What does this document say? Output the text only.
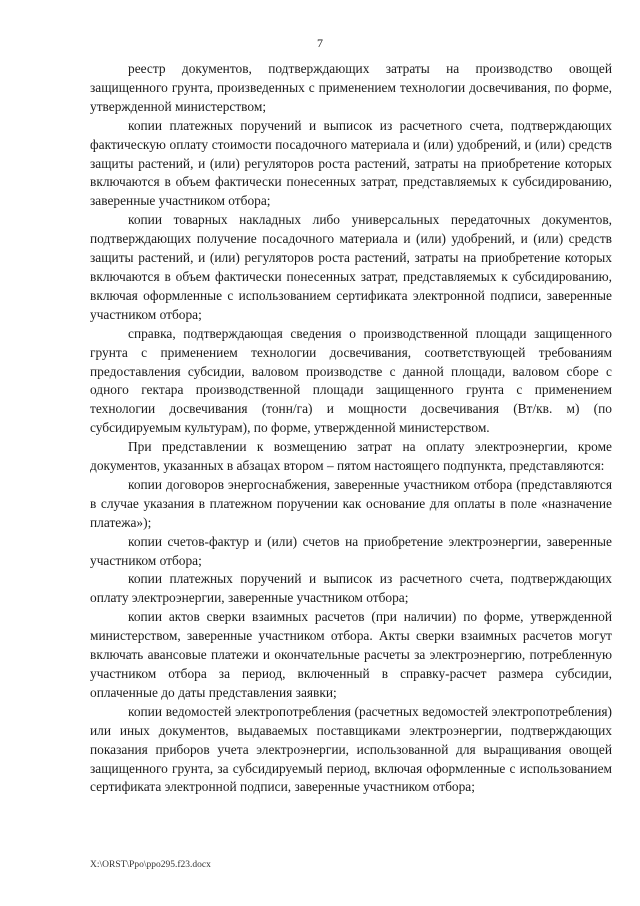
7

реестр документов, подтверждающих затраты на производство овощей защищенного грунта, произведенных с применением технологии досвечивания, по форме, утвержденной министерством;

копии платежных поручений и выписок из расчетного счета, подтверждающих фактическую оплату стоимости посадочного материала и (или) удобрений, и (или) средств защиты растений, и (или) регуляторов роста растений, затраты на приобретение которых включаются в объем фактически понесенных затрат, представляемых к субсидированию, заверенные участником отбора;

копии товарных накладных либо универсальных передаточных документов, подтверждающих получение посадочного материала и (или) удобрений, и (или) средств защиты растений, и (или) регуляторов роста растений, затраты на приобретение которых включаются в объем фактически понесенных затрат, представляемых к субсидированию, включая оформленные с использованием сертификата электронной подписи, заверенные участником отбора;

справка, подтверждающая сведения о производственной площади защищенного грунта с применением технологии досвечивания, соответствующей требованиям предоставления субсидии, валовом производстве с данной площади, валовом сборе с одного гектара производственной площади защищенного грунта с применением технологии досвечивания (тонн/га) и мощности досвечивания (Вт/кв. м) (по субсидируемым культурам), по форме, утвержденной министерством.

При представлении к возмещению затрат на оплату электроэнергии, кроме документов, указанных в абзацах втором – пятом настоящего подпункта, представляются:

копии договоров энергоснабжения, заверенные участником отбора (представляются в случае указания в платежном поручении как основание для оплаты в поле «назначение платежа»);

копии счетов-фактур и (или) счетов на приобретение электроэнергии, заверенные участником отбора;

копии платежных поручений и выписок из расчетного счета, подтверждающих оплату электроэнергии, заверенные участником отбора;

копии актов сверки взаимных расчетов (при наличии) по форме, утвержденной министерством, заверенные участником отбора. Акты сверки взаимных расчетов могут включать авансовые платежи и окончательные расчеты за электроэнергию, потребленную участником отбора за период, включенный в справку-расчет размера субсидии, оплаченные до даты представления заявки;

копии ведомостей электропотребления (расчетных ведомостей электропотребления) или иных документов, выдаваемых поставщиками электроэнергии, подтверждающих показания приборов учета электроэнергии, использованной для выращивания овощей защищенного грунта, за субсидируемый период, включая оформленные с использованием сертификата электронной подписи, заверенные участником отбора;

X:\ORST\Ppo\ppo295.f23.docx
